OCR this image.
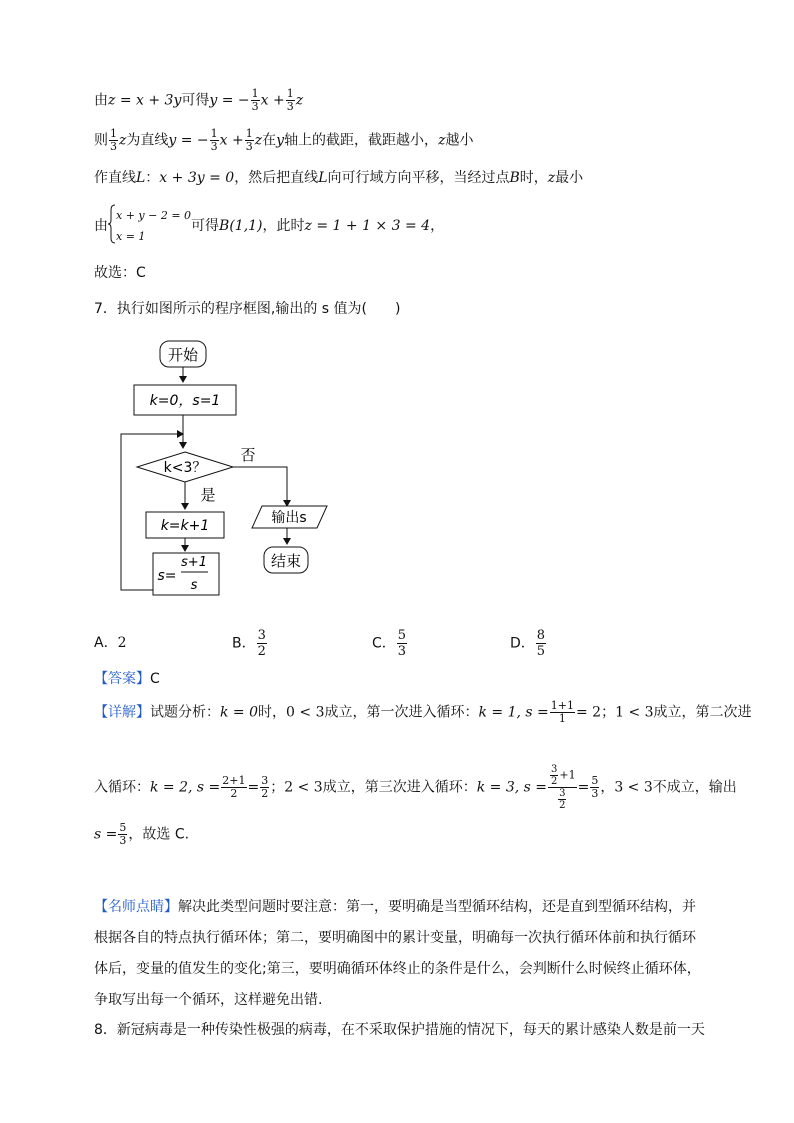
由z = x + 3y可得y = − $\frac{1}{3}$ $x + \frac{1}{3}$ z
则 $\frac{1}{3}$ z为直线y = − $\frac{1}{3}$ $x + \frac{1}{3}$ z在y轴上的截距，截距越小，z越小
作直线L：x + 3y = 0，然后把直线L向可行域方向平移，当经过点B时，z最小
由
x + y − 2 = 0
x = 1
可得B(1,1)，此时z = 1 + 1 × 3 = 4，
故选：C
7．执行如图所示的程序框图,输出的 s 值为(　　)
开始
k=0，s=1
k<3？
否
是
k=k+1
s=
s+1
s
输出s
结束
A．2	B． $\frac{3}{2}$	C． $\frac{5}{3}$	D． $\frac{8}{5}$
【答案】C
【详解】试题分析：k = 0时，0 < 3成立，第一次进入循环：k = 1, $s = \frac{1+1}{1} = 2$；1 < 3成立，第二次进
入循环：k = 2, $s = \frac{2+1}{2} = \frac{3}{2}$ ；2 < 3成立，第三次进入循环：k = 3, $s = \frac{\frac{3}{2} +1}{\frac{3}{2}} = \frac{5}{3}$ ，3 < 3不成立，输出
$s = \frac{5}{3}$ ，故选 C.
【名师点睛】解决此类型问题时要注意：第一，要明确是当型循环结构，还是直到型循环结构，并
根据各自的特点执行循环体；第二，要明确图中的累计变量，明确每一次执行循环体前和执行循环
体后，变量的值发生的变化;第三，要明确循环体终止的条件是什么，会判断什么时候终止循环体，
争取写出每一个循环，这样避免出错.
8．新冠病毒是一种传染性极强的病毒，在不采取保护措施的情况下，每天的累计感染人数是前一天
